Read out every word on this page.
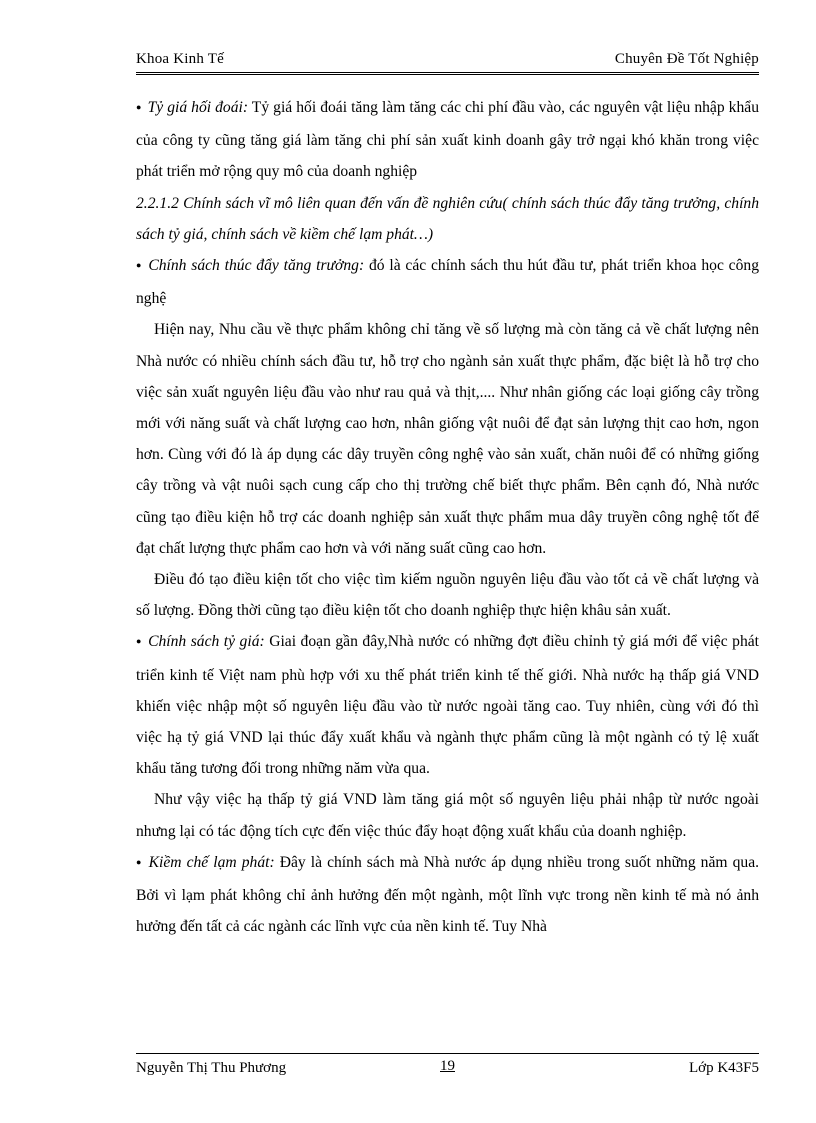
Khoa Kinh Tế	Chuyên Đề Tốt Nghiệp

● Tỷ giá hối đoái: Tỷ giá hối đoái tăng làm tăng các chi phí đầu vào, các nguyên vật liệu nhập khẩu của công ty cũng tăng giá làm tăng chi phí sản xuất kinh doanh gây trở ngại khó khăn trong việc phát triển mở rộng quy mô của doanh nghiệp

2.2.1.2 Chính sách vĩ mô liên quan đến vấn đề nghiên cứu( chính sách thúc đẩy tăng trưởng, chính sách tỷ giá, chính sách về kiềm chế lạm phát…)

● Chính sách thúc đẩy tăng trưởng: đó là các chính sách thu hút đầu tư, phát triển khoa học công nghệ

Hiện nay, Nhu cầu về thực phẩm không chỉ tăng về số lượng mà còn tăng cả về chất lượng nên Nhà nước có nhiều chính sách đầu tư, hỗ trợ cho ngành sản xuất thực phẩm, đặc biệt là hỗ trợ cho việc sản xuất nguyên liệu đầu vào như rau quả và thịt,.... Như nhân giống các loại giống cây trồng mới với năng suất và chất lượng cao hơn, nhân giống vật nuôi để đạt sản lượng thịt cao hơn, ngon hơn. Cùng với đó là áp dụng các dây truyền công nghệ vào sản xuất, chăn nuôi để có những giống cây trồng và vật nuôi sạch cung cấp cho thị trường chế biết thực phẩm. Bên cạnh đó, Nhà nước cũng tạo điều kiện hỗ trợ các doanh nghiệp sản xuất thực phẩm mua dây truyền công nghệ tốt để đạt chất lượng thực phẩm cao hơn và với năng suất cũng cao hơn.

Điều đó tạo điều kiện tốt cho việc tìm kiếm nguồn nguyên liệu đầu vào tốt cả về chất lượng và số lượng. Đồng thời cũng tạo điều kiện tốt cho doanh nghiệp thực hiện khâu sản xuất.

● Chính sách tỷ giá: Giai đoạn gần đây,Nhà nước có những đợt điều chỉnh tỷ giá mới để việc phát triển kinh tế Việt nam phù hợp với xu thế phát triển kinh tế thế giới. Nhà nước hạ thấp giá VND khiến việc nhập một số nguyên liệu đầu vào từ nước ngoài tăng cao. Tuy nhiên, cùng với đó thì việc hạ tỷ giá VND lại thúc đẩy xuất khẩu và ngành thực phẩm cũng là một ngành có tỷ lệ xuất khẩu tăng tương đối trong những năm vừa qua.

Như vậy việc hạ thấp tỷ giá VND làm tăng giá một số nguyên liệu phải nhập từ nước ngoài nhưng lại có tác động tích cực đến việc thúc đẩy hoạt động xuất khẩu của doanh nghiệp.

● Kiềm chế lạm phát: Đây là chính sách mà Nhà nước áp dụng nhiều trong suốt những năm qua. Bởi vì lạm phát không chỉ ảnh hưởng đến một ngành, một lĩnh vực trong nền kinh tế mà nó ảnh hưởng đến tất cả các ngành các lĩnh vực của nền kinh tế. Tuy Nhà

Nguyễn Thị Thu Phương	19	Lớp K43F5
